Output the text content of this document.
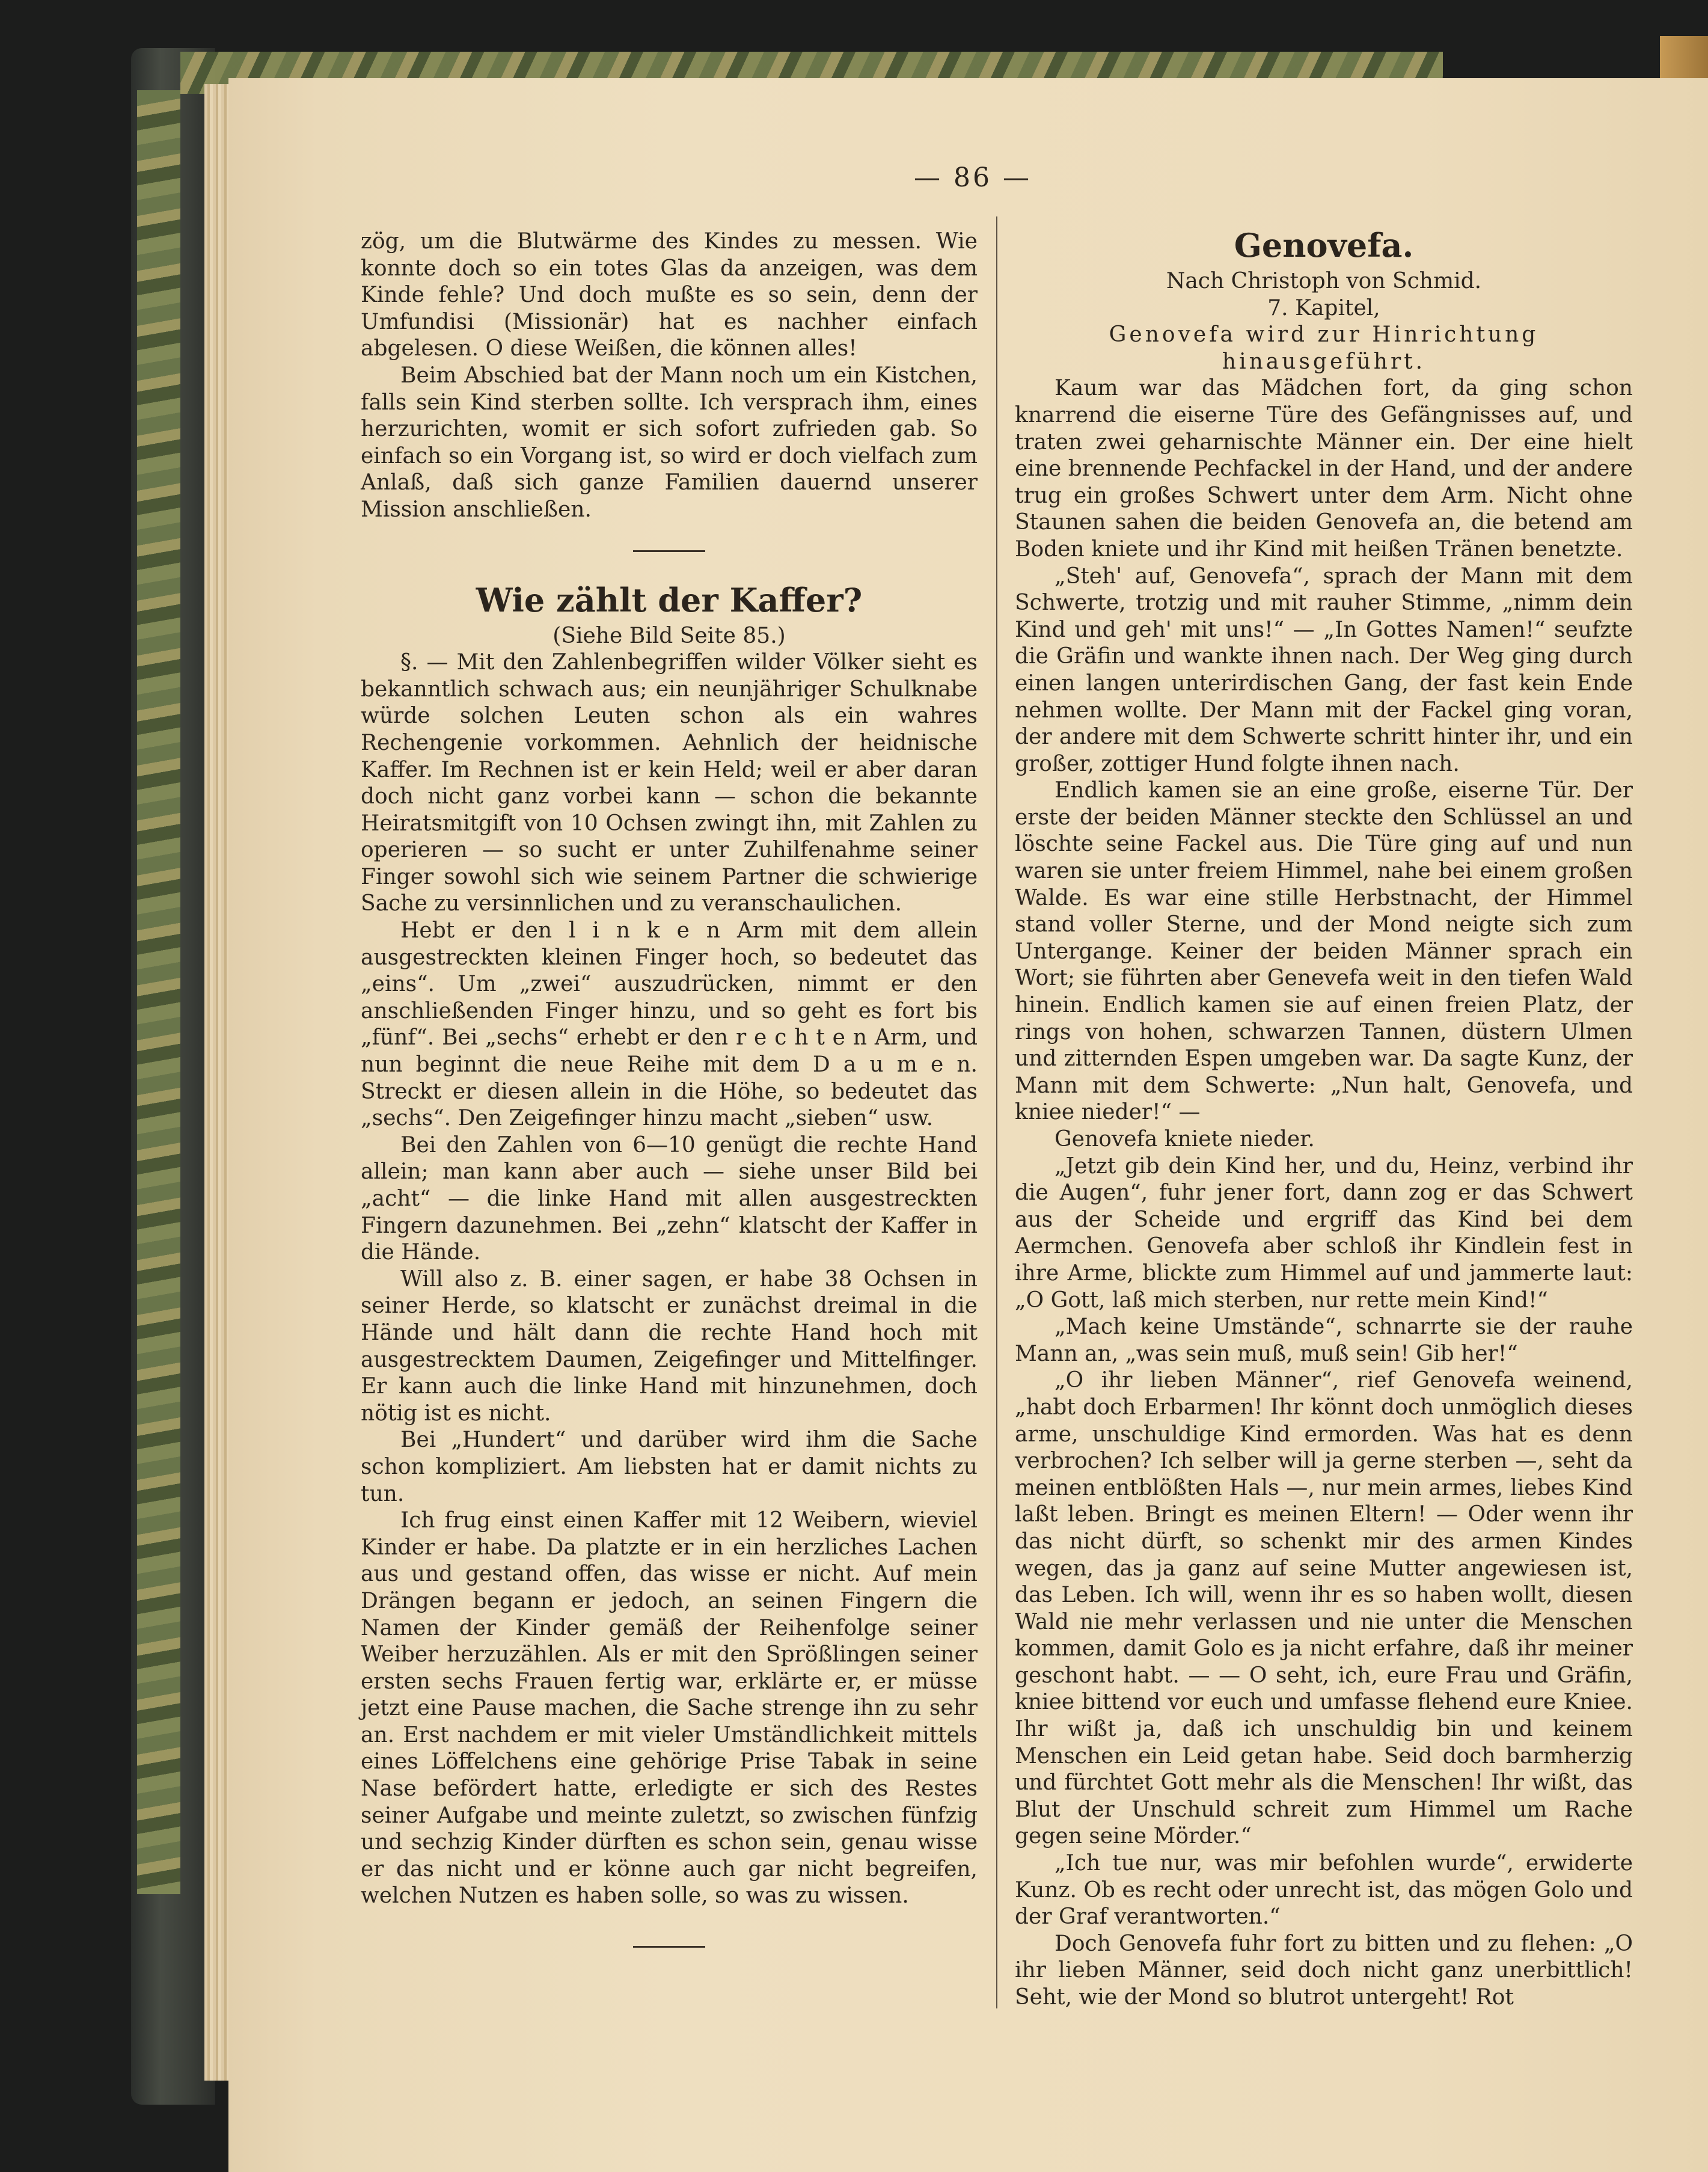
— 86 —

zög, um die Blutwärme des Kindes zu messen. Wie konnte doch so ein totes Glas da anzeigen, was dem Kinde fehle? Und doch mußte es so sein, denn der Umfundisi (Missionär) hat es nachher einfach abgelesen. O diese Weißen, die können alles!

Beim Abschied bat der Mann noch um ein Kistchen, falls sein Kind sterben sollte. Ich versprach ihm, eines herzurichten, womit er sich sofort zufrieden gab. So einfach so ein Vorgang ist, so wird er doch vielfach zum Anlaß, daß sich ganze Familien dauernd unserer Mission anschließen.

Wie zählt der Kaffer?

(Siehe Bild Seite 85.)

§. — Mit den Zahlenbegriffen wilder Völker sieht es bekanntlich schwach aus; ein neunjähriger Schulknabe würde solchen Leuten schon als ein wahres Rechengenie vorkommen. Aehnlich der heidnische Kaffer. Im Rechnen ist er kein Held; weil er aber daran doch nicht ganz vorbei kann — schon die bekannte Heiratsmitgift von 10 Ochsen zwingt ihn, mit Zahlen zu operieren — so sucht er unter Zuhilfenahme seiner Finger sowohl sich wie seinem Partner die schwierige Sache zu versinnlichen und zu veranschaulichen.

Hebt er den l i n k e n Arm mit dem allein ausgestreckten kleinen Finger hoch, so bedeutet das „eins“. Um „zwei“ auszudrücken, nimmt er den anschließenden Finger hinzu, und so geht es fort bis „fünf“. Bei „sechs“ erhebt er den r e c h t e n Arm, und nun beginnt die neue Reihe mit dem D a u m e n. Streckt er diesen allein in die Höhe, so bedeutet das „sechs“. Den Zeigefinger hinzu macht „sieben“ usw.

Bei den Zahlen von 6—10 genügt die rechte Hand allein; man kann aber auch — siehe unser Bild bei „acht“ — die linke Hand mit allen ausgestreckten Fingern dazunehmen. Bei „zehn“ klatscht der Kaffer in die Hände.

Will also z. B. einer sagen, er habe 38 Ochsen in seiner Herde, so klatscht er zunächst dreimal in die Hände und hält dann die rechte Hand hoch mit ausgestrecktem Daumen, Zeigefinger und Mittelfinger. Er kann auch die linke Hand mit hinzunehmen, doch nötig ist es nicht.

Bei „Hundert“ und darüber wird ihm die Sache schon kompliziert. Am liebsten hat er damit nichts zu tun.

Ich frug einst einen Kaffer mit 12 Weibern, wieviel Kinder er habe. Da platzte er in ein herzliches Lachen aus und gestand offen, das wisse er nicht. Auf mein Drängen begann er jedoch, an seinen Fingern die Namen der Kinder gemäß der Reihenfolge seiner Weiber herzuzählen. Als er mit den Sprößlingen seiner ersten sechs Frauen fertig war, erklärte er, er müsse jetzt eine Pause machen, die Sache strenge ihn zu sehr an. Erst nachdem er mit vieler Umständlichkeit mittels eines Löffelchens eine gehörige Prise Tabak in seine Nase befördert hatte, erledigte er sich des Restes seiner Aufgabe und meinte zuletzt, so zwischen fünfzig und sechzig Kinder dürften es schon sein, genau wisse er das nicht und er könne auch gar nicht begreifen, welchen Nutzen es haben solle, so was zu wissen.

Genovefa.

Nach Christoph von Schmid.

7. Kapitel,

Genovefa wird zur Hinrichtung hinausgeführt.

Kaum war das Mädchen fort, da ging schon knarrend die eiserne Türe des Gefängnisses auf, und traten zwei geharnischte Männer ein. Der eine hielt eine brennende Pechfackel in der Hand, und der andere trug ein großes Schwert unter dem Arm. Nicht ohne Staunen sahen die beiden Genovefa an, die betend am Boden kniete und ihr Kind mit heißen Tränen benetzte.

„Steh' auf, Genovefa“, sprach der Mann mit dem Schwerte, trotzig und mit rauher Stimme, „nimm dein Kind und geh' mit uns!“ — „In Gottes Namen!“ seufzte die Gräfin und wankte ihnen nach. Der Weg ging durch einen langen unterirdischen Gang, der fast kein Ende nehmen wollte. Der Mann mit der Fackel ging voran, der andere mit dem Schwerte schritt hinter ihr, und ein großer, zottiger Hund folgte ihnen nach.

Endlich kamen sie an eine große, eiserne Tür. Der erste der beiden Männer steckte den Schlüssel an und löschte seine Fackel aus. Die Türe ging auf und nun waren sie unter freiem Himmel, nahe bei einem großen Walde. Es war eine stille Herbstnacht, der Himmel stand voller Sterne, und der Mond neigte sich zum Untergange. Keiner der beiden Männer sprach ein Wort; sie führten aber Genevefa weit in den tiefen Wald hinein. Endlich kamen sie auf einen freien Platz, der rings von hohen, schwarzen Tannen, düstern Ulmen und zitternden Espen umgeben war. Da sagte Kunz, der Mann mit dem Schwerte: „Nun halt, Genovefa, und kniee nieder!“ —

Genovefa kniete nieder.

„Jetzt gib dein Kind her, und du, Heinz, verbind ihr die Augen“, fuhr jener fort, dann zog er das Schwert aus der Scheide und ergriff das Kind bei dem Aermchen. Genovefa aber schloß ihr Kindlein fest in ihre Arme, blickte zum Himmel auf und jammerte laut: „O Gott, laß mich sterben, nur rette mein Kind!“

„Mach keine Umstände“, schnarrte sie der rauhe Mann an, „was sein muß, muß sein! Gib her!“

„O ihr lieben Männer“, rief Genovefa weinend, „habt doch Erbarmen! Ihr könnt doch unmöglich dieses arme, unschuldige Kind ermorden. Was hat es denn verbrochen? Ich selber will ja gerne sterben —, seht da meinen entblößten Hals —, nur mein armes, liebes Kind laßt leben. Bringt es meinen Eltern! — Oder wenn ihr das nicht dürft, so schenkt mir des armen Kindes wegen, das ja ganz auf seine Mutter angewiesen ist, das Leben. Ich will, wenn ihr es so haben wollt, diesen Wald nie mehr verlassen und nie unter die Menschen kommen, damit Golo es ja nicht erfahre, daß ihr meiner geschont habt. — — O seht, ich, eure Frau und Gräfin, kniee bittend vor euch und umfasse flehend eure Kniee. Ihr wißt ja, daß ich unschuldig bin und keinem Menschen ein Leid getan habe. Seid doch barmherzig und fürchtet Gott mehr als die Menschen! Ihr wißt, das Blut der Unschuld schreit zum Himmel um Rache gegen seine Mörder.“

„Ich tue nur, was mir befohlen wurde“, erwiderte Kunz. Ob es recht oder unrecht ist, das mögen Golo und der Graf verantworten.“

Doch Genovefa fuhr fort zu bitten und zu flehen: „O ihr lieben Männer, seid doch nicht ganz unerbittlich! Seht, wie der Mond so blutrot untergeht! Rot
